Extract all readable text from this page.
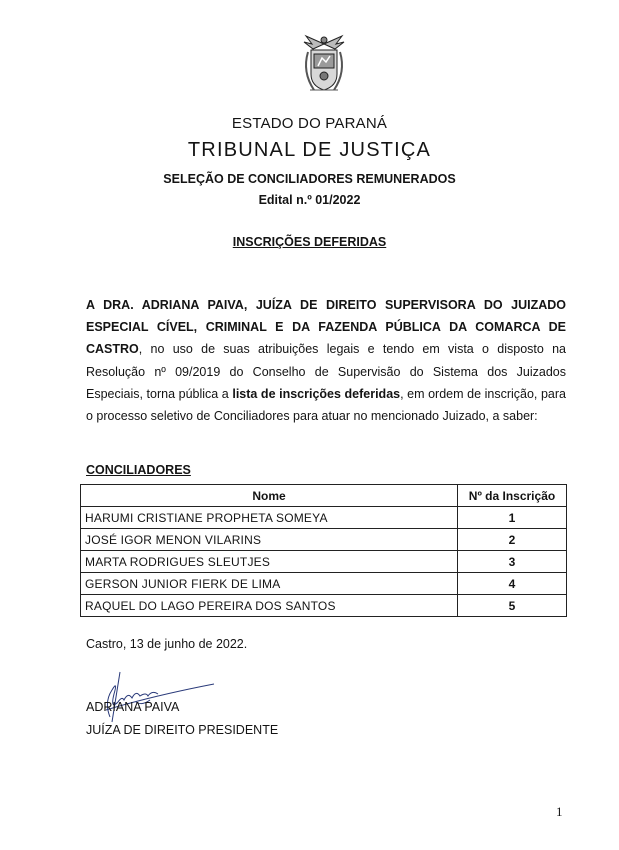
ESTADO DO PARANÁ
TRIBUNAL DE JUSTIÇA
SELEÇÃO DE CONCILIADORES REMUNERADOS
Edital n.º 01/2022
INSCRIÇÕES DEFERIDAS
A DRA. ADRIANA PAIVA, JUÍZA DE DIREITO SUPERVISORA DO JUIZADO ESPECIAL CÍVEL, CRIMINAL E DA FAZENDA PÚBLICA DA COMARCA DE CASTRO, no uso de suas atribuições legais e tendo em vista o disposto na Resolução nº 09/2019 do Conselho de Supervisão do Sistema dos Juizados Especiais, torna pública a lista de inscrições deferidas, em ordem de inscrição, para o processo seletivo de Conciliadores para atuar no mencionado Juizado, a saber:
CONCILIADORES
Nome	Nº da Inscrição
HARUMI CRISTIANE PROPHETA SOMEYA	1
JOSÉ IGOR MENON VILARINS	2
MARTA RODRIGUES SLEUTJES	3
GERSON JUNIOR FIERK DE LIMA	4
RAQUEL DO LAGO PEREIRA DOS SANTOS	5
Castro, 13 de junho de 2022.
ADRIANA PAIVA
JUÍZA DE DIREITO PRESIDENTE
1
